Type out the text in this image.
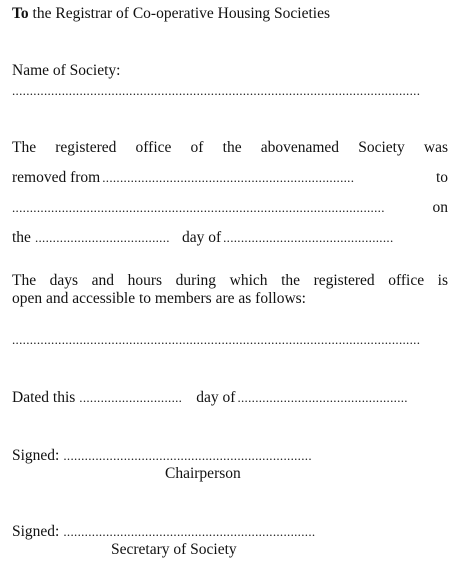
To the Registrar of Co-operative Housing Societies
Name of Society:
...................................................................................................................
The registered office of the abovenamed Society was
removed from .......................................................................	to
.........................................................................................................	on
the ...................................... day of ................................................
The days and hours during which the registered office is
open and accessible to members are as follows:
...................................................................................................................
Dated this ............................. day of ................................................
Signed: ......................................................................
Chairperson
Signed: .......................................................................
Secretary of Society
